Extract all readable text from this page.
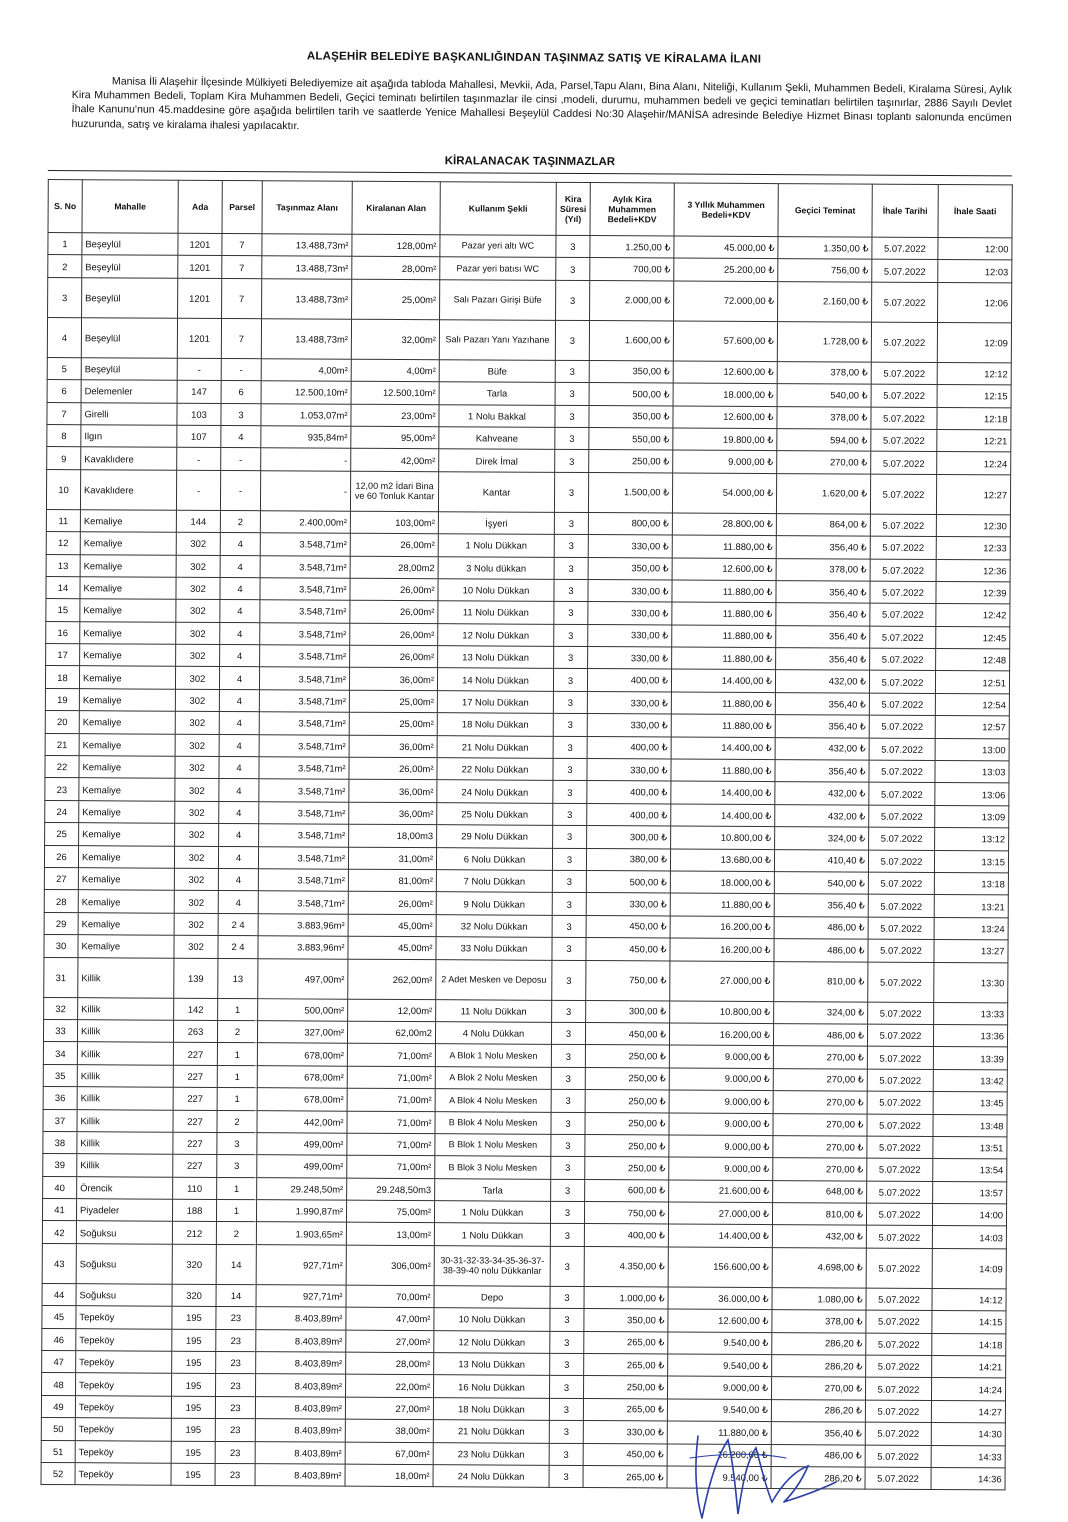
ALAŞEHİR BELEDİYE BAŞKANLIĞINDAN TAŞINMAZ SATIŞ VE KİRALAMA İLANI
Manisa İli Alaşehir İlçesinde Mülkiyeti Belediyemize ait aşağıda tabloda Mahallesi, Mevkii, Ada, Parsel,Tapu Alanı, Bina Alanı, Niteliği, Kullanım Şekli, Muhammen Bedeli, Kiralama Süresi, Aylık Kira Muhammen Bedeli, Toplam Kira Muhammen Bedeli, Geçici teminatı belirtilen taşınmazlar ile cinsi ,modeli, durumu, muhammen bedeli ve geçici teminatları belirtilen taşınırlar, 2886 Sayılı Devlet İhale Kanunu'nun 45.maddesine göre aşağıda belirtilen tarih ve saatlerde Yenice Mahallesi Beşeylül Caddesi No:30 Alaşehir/MANİSA adresinde Belediye Hizmet Binası toplantı salonunda encümen huzurunda, satış ve kiralama ihalesi yapılacaktır.
KİRALANACAK TAŞINMAZLAR
S. No	Mahalle	Ada	Parsel	Taşınmaz Alanı	Kiralanan Alan	Kullanım Şekli	Kira Süresi (Yıl)	Aylık Kira Muhammen Bedeli+KDV	3 Yıllık Muhammen Bedeli+KDV	Geçici Teminat	İhale Tarihi	İhale Saati
1	Beşeylül	1201	7	13.488,73m²	128,00m²	Pazar yeri altı WC	3	1.250,00 ₺	45.000,00 ₺	1.350,00 ₺	5.07.2022	12:00
2	Beşeylül	1201	7	13.488,73m²	28,00m²	Pazar yeri batısı WC	3	700,00 ₺	25.200,00 ₺	756,00 ₺	5.07.2022	12:03
3	Beşeylül	1201	7	13.488,73m²	25,00m²	Salı Pazarı Girişi Büfe	3	2.000,00 ₺	72.000,00 ₺	2.160,00 ₺	5.07.2022	12:06
4	Beşeylül	1201	7	13.488,73m²	32,00m²	Salı Pazarı Yanı Yazıhane	3	1.600,00 ₺	57.600,00 ₺	1.728,00 ₺	5.07.2022	12:09
5	Beşeylül	-	-	4,00m²	4,00m²	Büfe	3	350,00 ₺	12.600,00 ₺	378,00 ₺	5.07.2022	12:12
6	Delemenler	147	6	12.500,10m²	12.500,10m²	Tarla	3	500,00 ₺	18.000,00 ₺	540,00 ₺	5.07.2022	12:15
7	Girelli	103	3	1.053,07m²	23,00m²	1 Nolu Bakkal	3	350,00 ₺	12.600,00 ₺	378,00 ₺	5.07.2022	12:18
8	Ilgın	107	4	935,84m²	95,00m²	Kahveane	3	550,00 ₺	19.800,00 ₺	594,00 ₺	5.07.2022	12:21
9	Kavaklıdere	-	-	-	42,00m²	Direk İmal	3	250,00 ₺	9.000,00 ₺	270,00 ₺	5.07.2022	12:24
10	Kavaklıdere	-	-	-	12,00 m2 İdari Bina ve 60 Tonluk Kantar	Kantar	3	1.500,00 ₺	54.000,00 ₺	1.620,00 ₺	5.07.2022	12:27
11	Kemaliye	144	2	2.400,00m²	103,00m²	İşyeri	3	800,00 ₺	28.800,00 ₺	864,00 ₺	5.07.2022	12:30
12	Kemaliye	302	4	3.548,71m²	26,00m²	1 Nolu Dükkan	3	330,00 ₺	11.880,00 ₺	356,40 ₺	5.07.2022	12:33
13	Kemaliye	302	4	3.548,71m²	28,00m2	3 Nolu dükkan	3	350,00 ₺	12.600,00 ₺	378,00 ₺	5.07.2022	12:36
14	Kemaliye	302	4	3.548,71m²	26,00m²	10 Nolu Dükkan	3	330,00 ₺	11.880,00 ₺	356,40 ₺	5.07.2022	12:39
15	Kemaliye	302	4	3.548,71m²	26,00m²	11 Nolu Dükkan	3	330,00 ₺	11.880,00 ₺	356,40 ₺	5.07.2022	12:42
16	Kemaliye	302	4	3.548,71m²	26,00m²	12 Nolu Dükkan	3	330,00 ₺	11.880,00 ₺	356,40 ₺	5.07.2022	12:45
17	Kemaliye	302	4	3.548,71m²	26,00m²	13 Nolu Dükkan	3	330,00 ₺	11.880,00 ₺	356,40 ₺	5.07.2022	12:48
18	Kemaliye	302	4	3.548,71m²	36,00m²	14 Nolu Dükkan	3	400,00 ₺	14.400,00 ₺	432,00 ₺	5.07.2022	12:51
19	Kemaliye	302	4	3.548,71m²	25,00m²	17 Nolu Dükkan	3	330,00 ₺	11.880,00 ₺	356,40 ₺	5.07.2022	12:54
20	Kemaliye	302	4	3.548,71m²	25,00m²	18 Nolu Dükkan	3	330,00 ₺	11.880,00 ₺	356,40 ₺	5.07.2022	12:57
21	Kemaliye	302	4	3.548,71m²	36,00m²	21 Nolu Dükkan	3	400,00 ₺	14.400,00 ₺	432,00 ₺	5.07.2022	13:00
22	Kemaliye	302	4	3.548,71m²	26,00m²	22 Nolu Dükkan	3	330,00 ₺	11.880,00 ₺	356,40 ₺	5.07.2022	13:03
23	Kemaliye	302	4	3.548,71m²	36,00m²	24 Nolu Dükkan	3	400,00 ₺	14.400,00 ₺	432,00 ₺	5.07.2022	13:06
24	Kemaliye	302	4	3.548,71m²	36,00m²	25 Nolu Dükkan	3	400,00 ₺	14.400,00 ₺	432,00 ₺	5.07.2022	13:09
25	Kemaliye	302	4	3.548,71m²	18,00m3	29 Nolu Dükkan	3	300,00 ₺	10.800,00 ₺	324,00 ₺	5.07.2022	13:12
26	Kemaliye	302	4	3.548,71m²	31,00m²	6 Nolu Dükkan	3	380,00 ₺	13.680,00 ₺	410,40 ₺	5.07.2022	13:15
27	Kemaliye	302	4	3.548,71m²	81,00m²	7 Nolu Dükkan	3	500,00 ₺	18.000,00 ₺	540,00 ₺	5.07.2022	13:18
28	Kemaliye	302	4	3.548,71m²	26,00m²	9 Nolu Dükkan	3	330,00 ₺	11.880,00 ₺	356,40 ₺	5.07.2022	13:21
29	Kemaliye	302	2 4	3.883,96m²	45,00m²	32 Nolu Dükkan	3	450,00 ₺	16.200,00 ₺	486,00 ₺	5.07.2022	13:24
30	Kemaliye	302	2 4	3.883,96m²	45,00m²	33 Nolu Dükkan	3	450,00 ₺	16.200,00 ₺	486,00 ₺	5.07.2022	13:27
31	Killik	139	13	497,00m²	262,00m²	2 Adet Mesken ve Deposu	3	750,00 ₺	27.000,00 ₺	810,00 ₺	5.07.2022	13:30
32	Killik	142	1	500,00m²	12,00m²	11 Nolu Dükkan	3	300,00 ₺	10.800,00 ₺	324,00 ₺	5.07.2022	13:33
33	Killik	263	2	327,00m²	62,00m2	4 Nolu Dükkan	3	450,00 ₺	16.200,00 ₺	486,00 ₺	5.07.2022	13:36
34	Killik	227	1	678,00m²	71,00m²	A Blok 1 Nolu Mesken	3	250,00 ₺	9.000,00 ₺	270,00 ₺	5.07.2022	13:39
35	Killik	227	1	678,00m²	71,00m²	A Blok 2 Nolu Mesken	3	250,00 ₺	9.000,00 ₺	270,00 ₺	5.07.2022	13:42
36	Killik	227	1	678,00m²	71,00m²	A Blok 4 Nolu Mesken	3	250,00 ₺	9.000,00 ₺	270,00 ₺	5.07.2022	13:45
37	Killik	227	2	442,00m²	71,00m²	B Blok 4 Nolu Mesken	3	250,00 ₺	9.000,00 ₺	270,00 ₺	5.07.2022	13:48
38	Killik	227	3	499,00m²	71,00m²	B Blok 1 Nolu Mesken	3	250,00 ₺	9.000,00 ₺	270,00 ₺	5.07.2022	13:51
39	Killik	227	3	499,00m²	71,00m²	B Blok 3 Nolu Mesken	3	250,00 ₺	9.000,00 ₺	270,00 ₺	5.07.2022	13:54
40	Örencik	110	1	29.248,50m²	29.248,50m3	Tarla	3	600,00 ₺	21.600,00 ₺	648,00 ₺	5.07.2022	13:57
41	Piyadeler	188	1	1.990,87m²	75,00m²	1 Nolu Dükkan	3	750,00 ₺	27.000,00 ₺	810,00 ₺	5.07.2022	14:00
42	Soğuksu	212	2	1.903,65m²	13,00m²	1 Nolu Dükkan	3	400,00 ₺	14.400,00 ₺	432,00 ₺	5.07.2022	14:03
43	Soğuksu	320	14	927,71m²	306,00m²	30-31-32-33-34-35-36-37-38-39-40 nolu Dükkanlar	3	4.350,00 ₺	156.600,00 ₺	4.698,00 ₺	5.07.2022	14:09
44	Soğuksu	320	14	927,71m²	70,00m²	Depo	3	1.000,00 ₺	36.000,00 ₺	1.080,00 ₺	5.07.2022	14:12
45	Tepeköy	195	23	8.403,89m²	47,00m²	10 Nolu Dükkan	3	350,00 ₺	12.600,00 ₺	378,00 ₺	5.07.2022	14:15
46	Tepeköy	195	23	8.403,89m²	27,00m²	12 Nolu Dükkan	3	265,00 ₺	9.540,00 ₺	286,20 ₺	5.07.2022	14:18
47	Tepeköy	195	23	8.403,89m²	28,00m²	13 Nolu Dükkan	3	265,00 ₺	9.540,00 ₺	286,20 ₺	5.07.2022	14:21
48	Tepeköy	195	23	8.403,89m²	22,00m²	16 Nolu Dükkan	3	250,00 ₺	9.000,00 ₺	270,00 ₺	5.07.2022	14:24
49	Tepeköy	195	23	8.403,89m²	27,00m²	18 Nolu Dükkan	3	265,00 ₺	9.540,00 ₺	286,20 ₺	5.07.2022	14:27
50	Tepeköy	195	23	8.403,89m²	38,00m²	21 Nolu Dükkan	3	330,00 ₺	11.880,00 ₺	356,40 ₺	5.07.2022	14:30
51	Tepeköy	195	23	8.403,89m²	67,00m²	23 Nolu Dükkan	3	450,00 ₺	16.200,00 ₺	486,00 ₺	5.07.2022	14:33
52	Tepeköy	195	23	8.403,89m²	18,00m²	24 Nolu Dükkan	3	265,00 ₺	9.540,00 ₺	286,20 ₺	5.07.2022	14:36
